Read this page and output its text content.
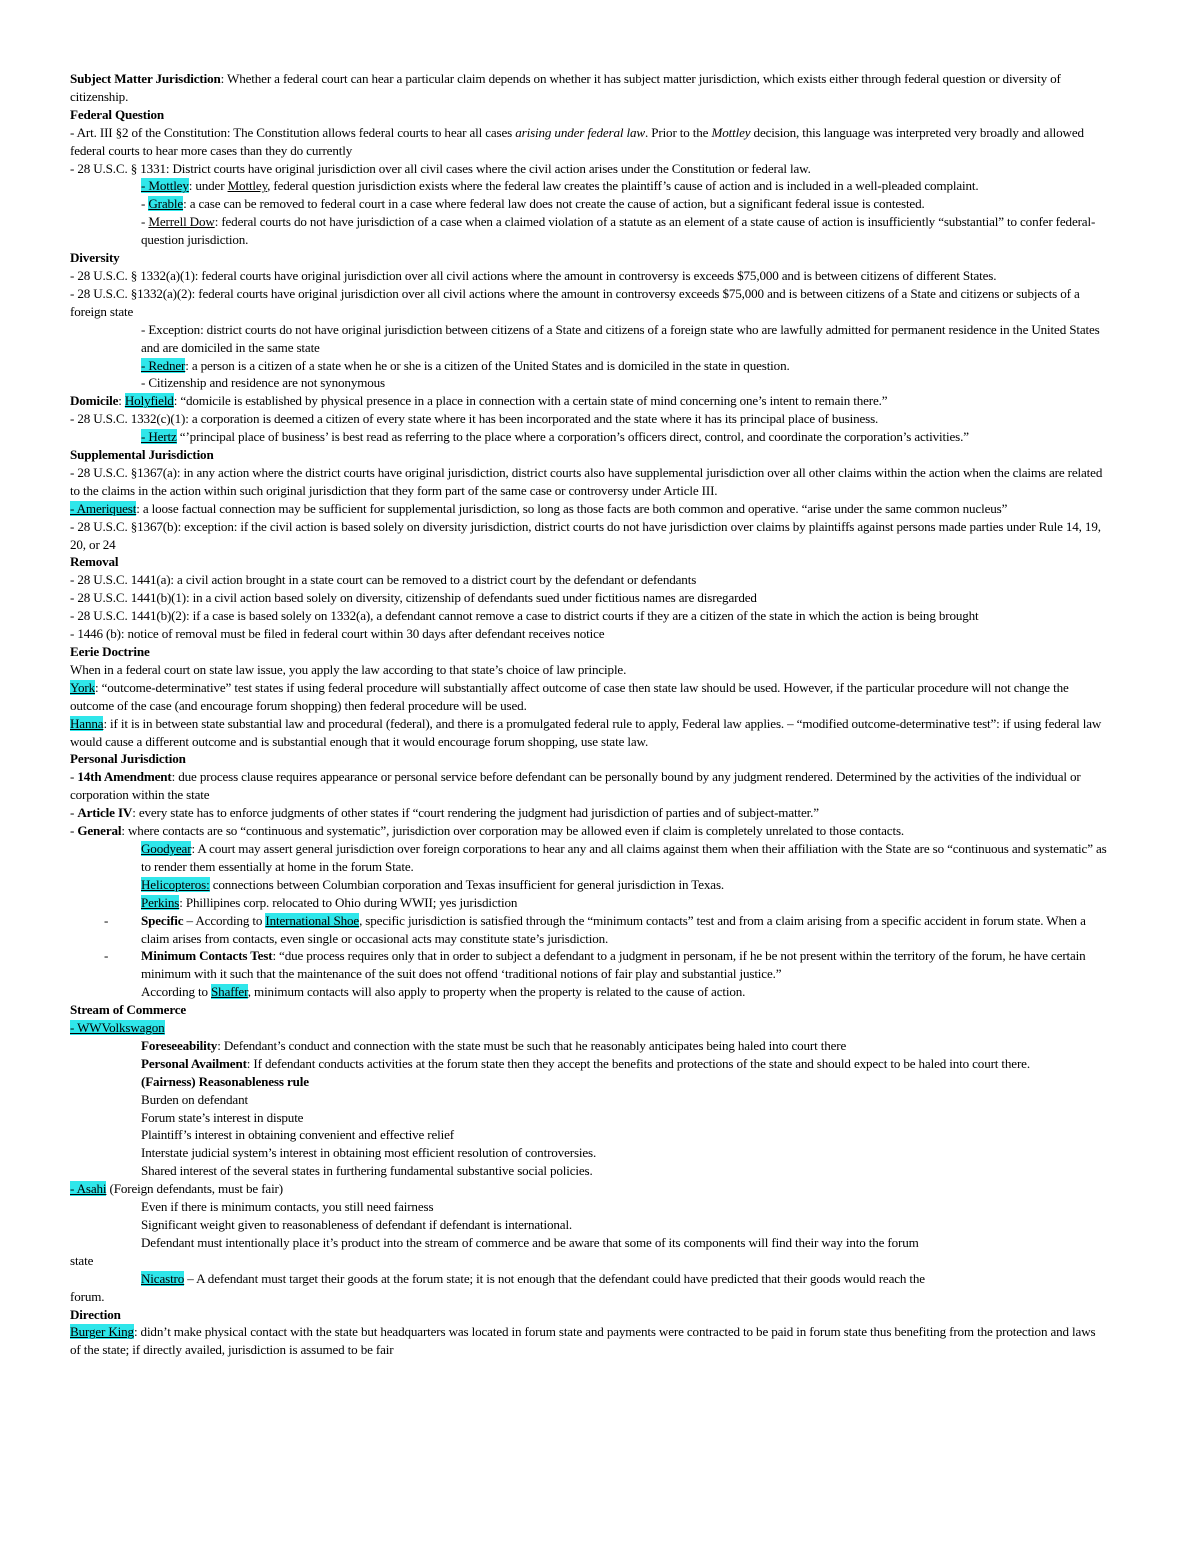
Subject Matter Jurisdiction: Whether a federal court can hear a particular claim depends on whether it has subject matter jurisdiction, which exists either through federal question or diversity of citizenship.

Federal Question

- Art. III §2 of the Constitution: The Constitution allows federal courts to hear all cases arising under federal law. Prior to the Mottley decision, this language was interpreted very broadly and allowed federal courts to hear more cases than they do currently

- 28 U.S.C. § 1331: District courts have original jurisdiction over all civil cases where the civil action arises under the Constitution or federal law.

- Mottley: under Mottley, federal question jurisdiction exists where the federal law creates the plaintiff’s cause of action and is included in a well-pleaded complaint.

- Grable: a case can be removed to federal court in a case where federal law does not create the cause of action, but a significant federal issue is contested.

- Merrell Dow: federal courts do not have jurisdiction of a case when a claimed violation of a statute as an element of a state cause of action is insufficiently “substantial” to confer federal-question jurisdiction.

Diversity

- 28 U.S.C. § 1332(a)(1): federal courts have original jurisdiction over all civil actions where the amount in controversy is exceeds $75,000 and is between citizens of different States.

- 28 U.S.C. §1332(a)(2): federal courts have original jurisdiction over all civil actions where the amount in controversy exceeds $75,000 and is between citizens of a State and citizens or subjects of a foreign state

- Exception: district courts do not have original jurisdiction between citizens of a State and citizens of a foreign state who are lawfully admitted for permanent residence in the United States and are domiciled in the same state

- Redner: a person is a citizen of a state when he or she is a citizen of the United States and is domiciled in the state in question.

- Citizenship and residence are not synonymous

Domicile: Holyfield: “domicile is established by physical presence in a place in connection with a certain state of mind concerning one’s intent to remain there.”

- 28 U.S.C. 1332(c)(1): a corporation is deemed a citizen of every state where it has been incorporated and the state where it has its principal place of business.

- Hertz “’principal place of business’ is best read as referring to the place where a corporation’s officers direct, control, and coordinate the corporation’s activities.”

Supplemental Jurisdiction

- 28 U.S.C. §1367(a): in any action where the district courts have original jurisdiction, district courts also have supplemental jurisdiction over all other claims within the action when the claims are related to the claims in the action within such original jurisdiction that they form part of the same case or controversy under Article III.

- Ameriquest: a loose factual connection may be sufficient for supplemental jurisdiction, so long as those facts are both common and operative. “arise under the same common nucleus”

- 28 U.S.C. §1367(b): exception: if the civil action is based solely on diversity jurisdiction, district courts do not have jurisdiction over claims by plaintiffs against persons made parties under Rule 14, 19, 20, or 24

Removal

- 28 U.S.C. 1441(a): a civil action brought in a state court can be removed to a district court by the defendant or defendants

- 28 U.S.C. 1441(b)(1): in a civil action based solely on diversity, citizenship of defendants sued under fictitious names are disregarded

- 28 U.S.C. 1441(b)(2): if a case is based solely on 1332(a), a defendant cannot remove a case to district courts if they are a citizen of the state in which the action is being brought

- 1446 (b): notice of removal must be filed in federal court within 30 days after defendant receives notice

Eerie Doctrine

When in a federal court on state law issue, you apply the law according to that state’s choice of law principle.

York: “outcome-determinative” test states if using federal procedure will substantially affect outcome of case then state law should be used. However, if the particular procedure will not change the outcome of the case (and encourage forum shopping) then federal procedure will be used.

Hanna: if it is in between state substantial law and procedural (federal), and there is a promulgated federal rule to apply, Federal law applies. – “modified outcome-determinative test”: if using federal law would cause a different outcome and is substantial enough that it would encourage forum shopping, use state law.

Personal Jurisdiction

- 14th Amendment: due process clause requires appearance or personal service before defendant can be personally bound by any judgment rendered. Determined by the activities of the individual or corporation within the state

- Article IV: every state has to enforce judgments of other states if “court rendering the judgment had jurisdiction of parties and of subject-matter.”

- General: where contacts are so “continuous and systematic”, jurisdiction over corporation may be allowed even if claim is completely unrelated to those contacts.

Goodyear: A court may assert general jurisdiction over foreign corporations to hear any and all claims against them when their affiliation with the State are so “continuous and systematic” as to render them essentially at home in the forum State.

Helicopteros: connections between Columbian corporation and Texas insufficient for general jurisdiction in Texas.

Perkins: Phillipines corp. relocated to Ohio during WWII; yes jurisdiction

- Specific – According to International Shoe, specific jurisdiction is satisfied through the “minimum contacts” test and from a claim arising from a specific accident in forum state. When a claim arises from contacts, even single or occasional acts may constitute state’s jurisdiction.

- Minimum Contacts Test: “due process requires only that in order to subject a defendant to a judgment in personam, if he be not present within the territory of the forum, he have certain minimum with it such that the maintenance of the suit does not offend ‘traditional notions of fair play and substantial justice.”

According to Shaffer, minimum contacts will also apply to property when the property is related to the cause of action.

Stream of Commerce

- WWVolkswagon

Foreseeability: Defendant’s conduct and connection with the state must be such that he reasonably anticipates being haled into court there

Personal Availment: If defendant conducts activities at the forum state then they accept the benefits and protections of the state and should expect to be haled into court there.

(Fairness) Reasonableness rule

Burden on defendant

Forum state’s interest in dispute

Plaintiff’s interest in obtaining convenient and effective relief

Interstate judicial system’s interest in obtaining most efficient resolution of controversies.

Shared interest of the several states in furthering fundamental substantive social policies.

- Asahi (Foreign defendants, must be fair)

Even if there is minimum contacts, you still need fairness

Significant weight given to reasonableness of defendant if defendant is international.

Defendant must intentionally place it’s product into the stream of commerce and be aware that some of its components will find their way into the forum

state

Nicastro – A defendant must target their goods at the forum state; it is not enough that the defendant could have predicted that their goods would reach the

forum.

Direction

Burger King: didn’t make physical contact with the state but headquarters was located in forum state and payments were contracted to be paid in forum state thus benefiting from the protection and laws of the state; if directly availed, jurisdiction is assumed to be fair
